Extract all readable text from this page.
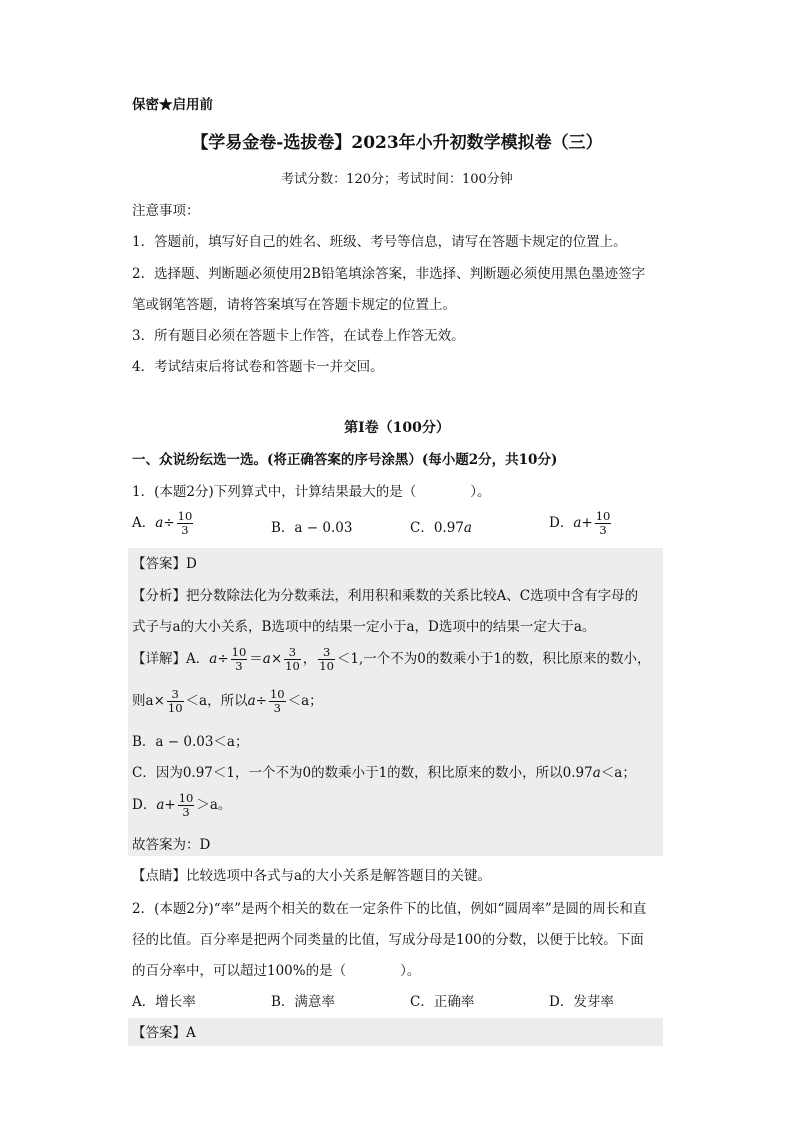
保密★启用前
【学易金卷-选拔卷】2023年小升初数学模拟卷（三）
考试分数：120分；考试时间：100分钟
注意事项：
1．答题前，填写好自己的姓名、班级、考号等信息，请写在答题卡规定的位置上。
2．选择题、判断题必须使用2B铅笔填涂答案，非选择、判断题必须使用黑色墨迹签字
笔或钢笔答题，请将答案填写在答题卡规定的位置上。
3．所有题目必须在答题卡上作答，在试卷上作答无效。
4．考试结束后将试卷和答题卡一并交回。
第I卷（100分）
一、众说纷纭选一选。(将正确答案的序号涂黑）(每小题2分，共10分)
1．(本题2分)下列算式中，计算结果最大的是（　　　　）。
A．$a\div \frac{10}{3}$	B．a − 0.03	C．0.97a	D．$a+ \frac{10}{3}$
【答案】D
【分析】把分数除法化为分数乘法，利用积和乘数的关系比较A、C选项中含有字母的
式子与a的大小关系，B选项中的结果一定小于a，D选项中的结果一定大于a。
【详解】A．$a\div \frac{10}{3} =a\times \frac{3}{10}$ ， $\frac{3}{10} <1$,一个不为0的数乘小于1的数，积比原来的数小，
则$a\times \frac{3}{10} <a$，所以$a\div \frac{10}{3} <a$；
B．a − 0.03＜a；
C．因为0.97＜1，一个不为0的数乘小于1的数，积比原来的数小，所以0.97a＜a；
D．$a+ \frac{10}{3} >a$。
故答案为：D
【点睛】比较选项中各式与a的大小关系是解答题目的关键。
2．(本题2分)“率”是两个相关的数在一定条件下的比值，例如“圆周率”是圆的周长和直
径的比值。百分率是把两个同类量的比值，写成分母是100的分数，以便于比较。下面
的百分率中，可以超过100%的是（　　　　）。
A．增长率	B．满意率	C．正确率	D．发芽率
【答案】A
